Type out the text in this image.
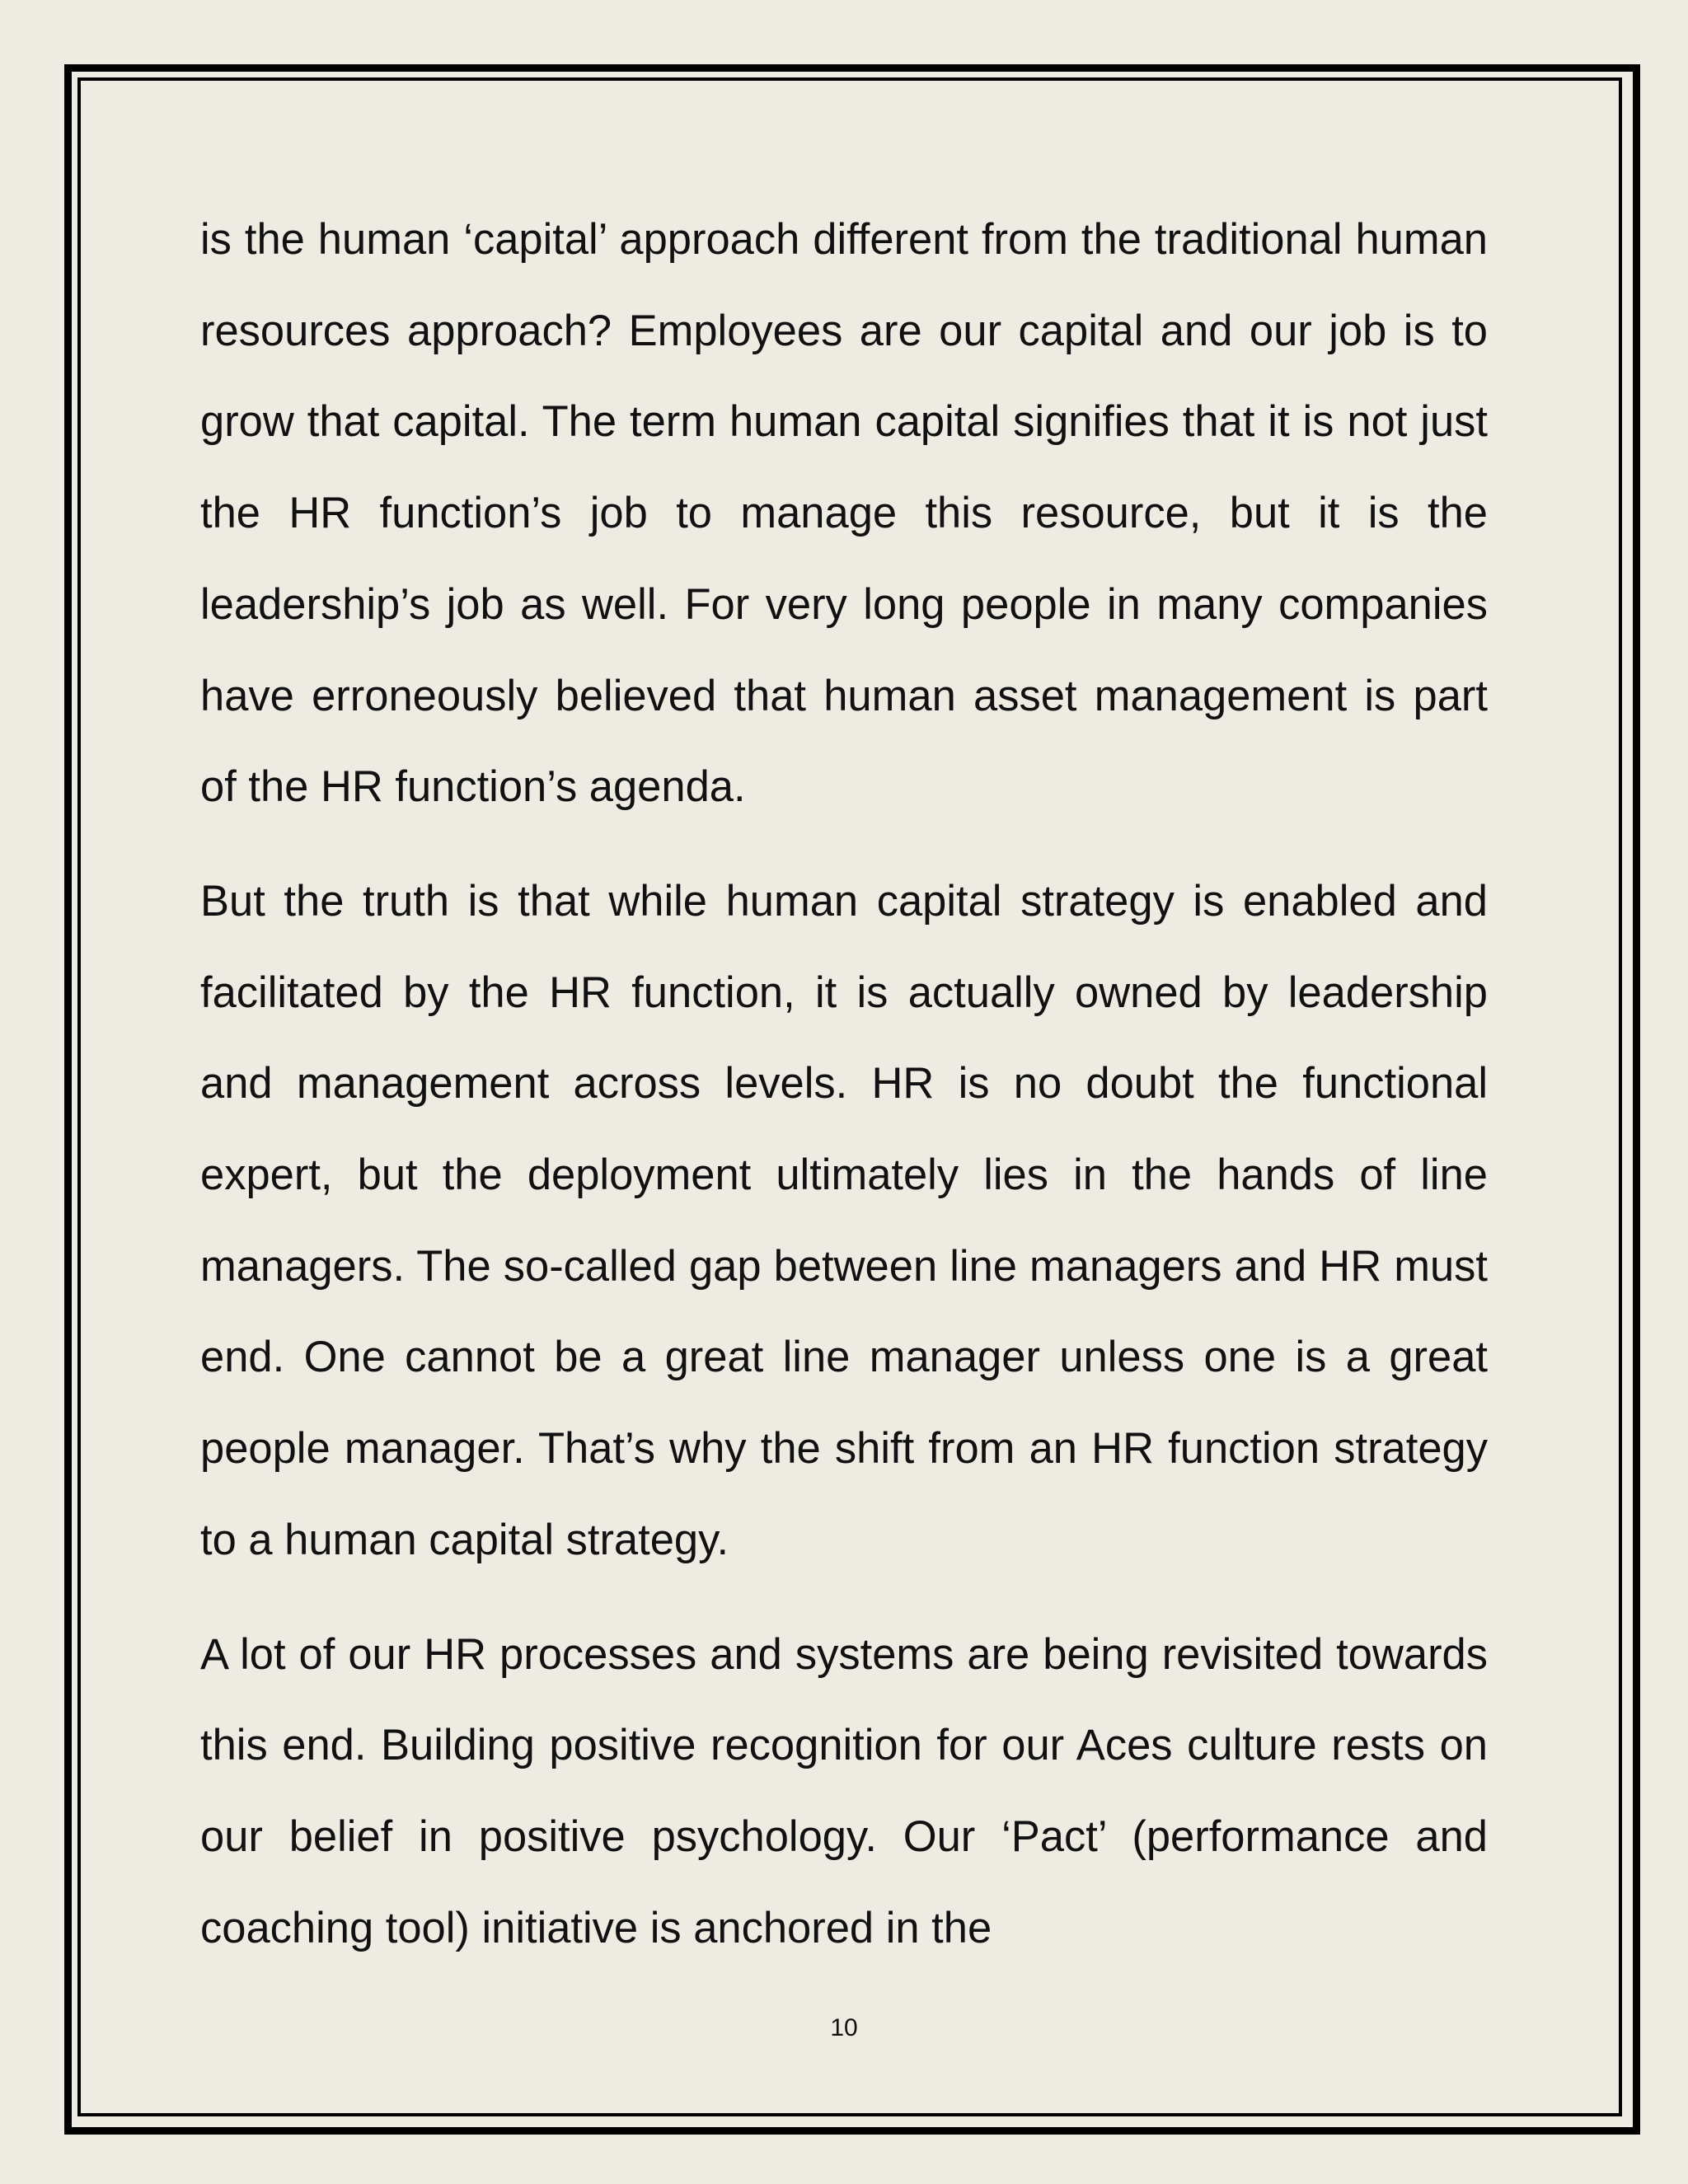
is the human ‘capital’ approach different from the traditional human resources approach? Employees are our capital and our job is to grow that capital. The term human capital signifies that it is not just the HR function’s job to manage this resource, but it is the leadership’s job as well. For very long people in many companies have erroneously believed that human asset management is part of the HR function’s agenda.

But the truth is that while human capital strategy is enabled and facilitated by the HR function, it is actually owned by leadership and management across levels. HR is no doubt the functional expert, but the deployment ultimately lies in the hands of line managers. The so-called gap between line managers and HR must end. One cannot be a great line manager unless one is a great people manager. That’s why the shift from an HR function strategy to a human capital strategy.

A lot of our HR processes and systems are being revisited towards this end. Building positive recognition for our Aces culture rests on our belief in positive psychology. Our ‘Pact’ (performance and coaching tool) initiative is anchored in the

10
